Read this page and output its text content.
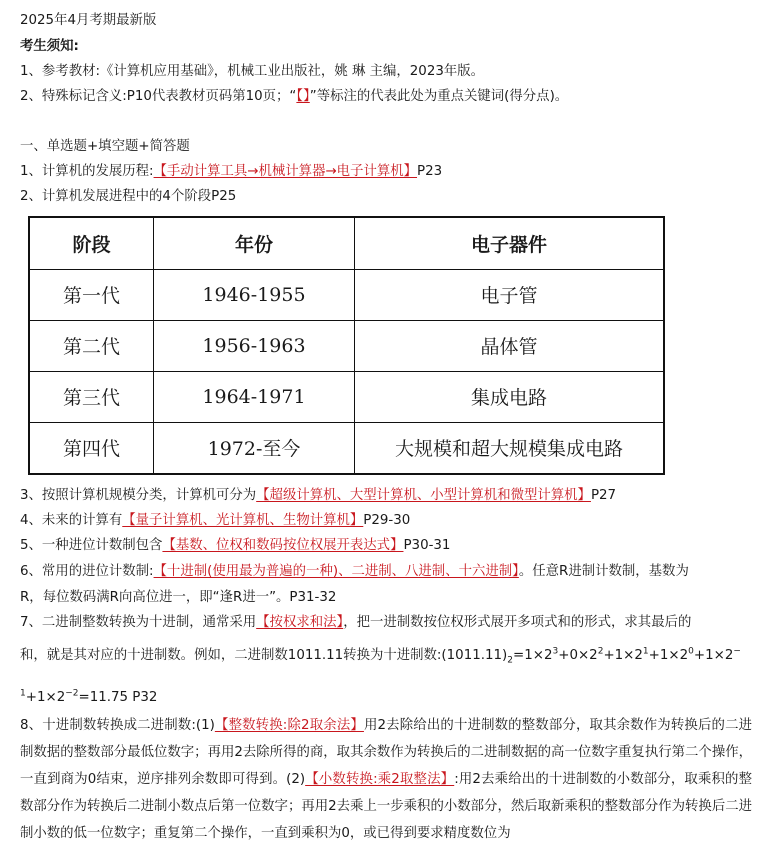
2025年4月考期最新版
考生须知:
1、参考教材:《计算机应用基础》，机械工业出版社，姚 琳 主编，2023年版。
2、特殊标记含义:P10代表教材页码第10页；“【】”等标注的代表此处为重点关键词(得分点)。
一、单选题+填空题+简答题
1、计算机的发展历程:【手动计算工具→机械计算器→电子计算机】P23
2、计算机发展进程中的4个阶段P25
阶段	年份	电子器件
第一代	1946-1955	电子管
第二代	1956-1963	晶体管
第三代	1964-1971	集成电路
第四代	1972-至今	大规模和超大规模集成电路
3、按照计算机规模分类，计算机可分为【超级计算机、大型计算机、小型计算机和微型计算机】P27
4、未来的计算有【量子计算机、光计算机、生物计算机】P29-30
5、一种进位计数制包含【基数、位权和数码按位权展开表达式】P30-31
6、常用的进位计数制:【十进制(使用最为普遍的一种)、二进制、八进制、十六进制】。任意R进制计数制，基数为
R，每位数码满R向高位进一，即“逢R进一”。P31-32
7、二进制整数转换为十进制，通常采用【按权求和法】，把一进制数按位权形式展开多项式和的形式，求其最后的
和，就是其对应的十进制数。例如，二进制数1011.11转换为十进制数$:(1011.11)_2=1\times 2^3+0\times 2^2+1\times 2^1+1\times 2^0+1\times 2^-$
$^1+1\times 2^{-2}=11.75$ P32
8、十进制数转换成二进制数:(1)【整数转换:除2取余法】用2去除给出的十进制数的整数部分，取其余数作为转换后的二进制数据的整数部分最低位数字；再用2去除所得的商，取其余数作为转换后的二进制数据的高一位数字重复执行第二个操作，一直到商为0结束，逆序排列余数即可得到。(2)【小数转换:乘2取整法】:用2去乘给出的十进制数的小数部分，取乘积的整数部分作为转换后二进制小数点后第一位数字；再用2去乘上一步乘积的小数部分，然后取新乘积的整数部分作为转换后二进制小数的低一位数字；重复第二个操作，一直到乘积为0，或已得到要求精度数位为
